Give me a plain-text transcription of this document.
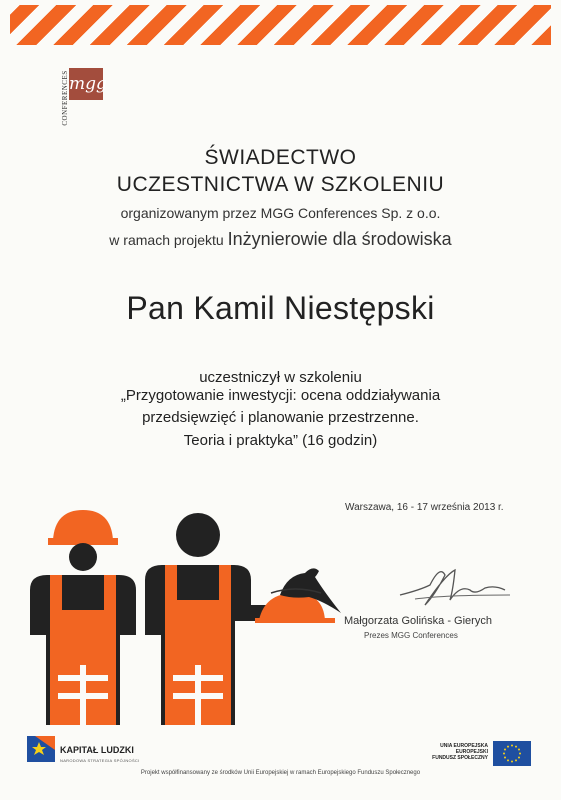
mgg
CONFERENCES
ŚWIADECTWO
UCZESTNICTWA W SZKOLENIU
organizowanym przez MGG Conferences Sp. z o.o.
w ramach projektu Inżynierowie dla środowiska
Pan Kamil Niestępski
uczestniczył w szkoleniu
„Przygotowanie inwestycji: ocena oddziaływania
przedsięwzięć i planowanie przestrzenne.
Teoria i praktyka” (16 godzin)
Warszawa, 16 - 17 września 2013 r.
Małgorzata Golińska - Gierych
Prezes MGG Conferences
KAPITAŁ LUDZKI
NARODOWA STRATEGIA SPÓJNOŚCI
UNIA EUROPEJSKA
EUROPEJSKI
FUNDUSZ SPOŁECZNY
Projekt współfinansowany ze środków Unii Europejskiej w ramach Europejskiego Funduszu Społecznego
